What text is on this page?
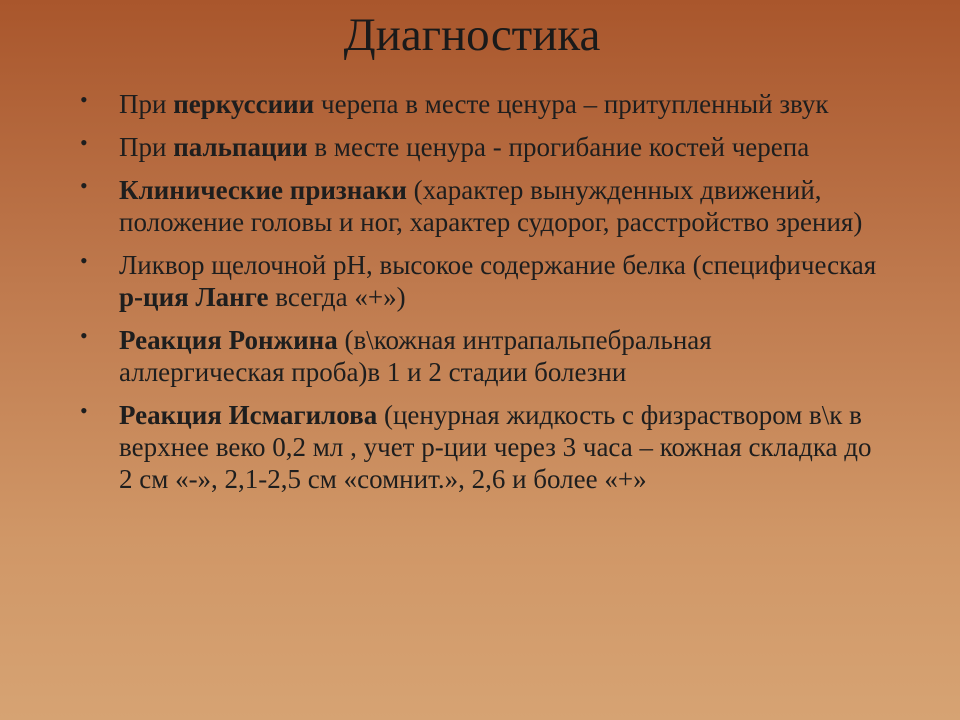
Диагностика
• При перкуссиии черепа в месте ценура – притупленный звук
• При пальпации в месте ценура - прогибание костей черепа
• Клинические признаки (характер вынужденных движений, положение головы и ног, характер судорог, расстройство зрения)
• Ликвор щелочной рН, высокое содержание белка (специфическая р-ция Ланге всегда «+»)
• Реакция Ронжина (в\кожная интрапальпебральная аллергическая проба)в 1 и 2 стадии болезни
• Реакция Исмагилова (ценурная жидкость с физраствором в\к в верхнее веко 0,2 мл , учет р-ции через 3 часа – кожная складка до 2 см «-», 2,1-2,5 см «сомнит.», 2,6 и более «+»
